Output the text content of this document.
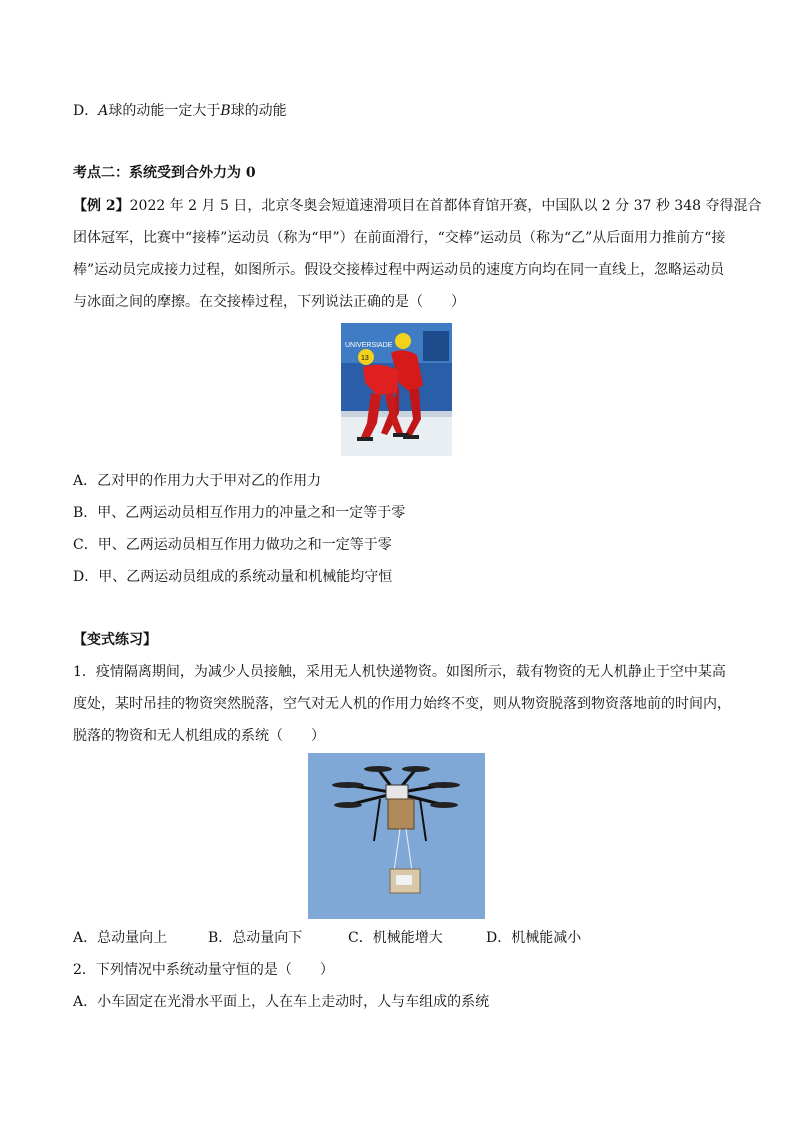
D．A球的动能一定大于B球的动能
考点二：系统受到合外力为 0
【例 2】2022 年 2 月 5 日，北京冬奥会短道速滑项目在首都体育馆开赛，中国队以 2 分 37 秒 348 夺得混合
团体冠军，比赛中“接棒”运动员（称为“甲”）在前面滑行，“交棒”运动员（称为“乙”从后面用力推前方“接
棒”运动员完成接力过程，如图所示。假设交接棒过程中两运动员的速度方向均在同一直线上，忽略运动员
与冰面之间的摩擦。在交接棒过程，下列说法正确的是（　　）
UNIVERSIADE
13
A．乙对甲的作用力大于甲对乙的作用力
B．甲、乙两运动员相互作用力的冲量之和一定等于零
C．甲、乙两运动员相互作用力做功之和一定等于零
D．甲、乙两运动员组成的系统动量和机械能均守恒
【变式练习】
1．疫情隔离期间，为减少人员接触，采用无人机快递物资。如图所示，载有物资的无人机静止于空中某高
度处，某时吊挂的物资突然脱落，空气对无人机的作用力始终不变，则从物资脱落到物资落地前的时间内，
脱落的物资和无人机组成的系统（　　）
A．总动量向上	B．总动量向下	C．机械能增大	D．机械能减小
2．下列情况中系统动量守恒的是（　　）
A．小车固定在光滑水平面上，人在车上走动时，人与车组成的系统
